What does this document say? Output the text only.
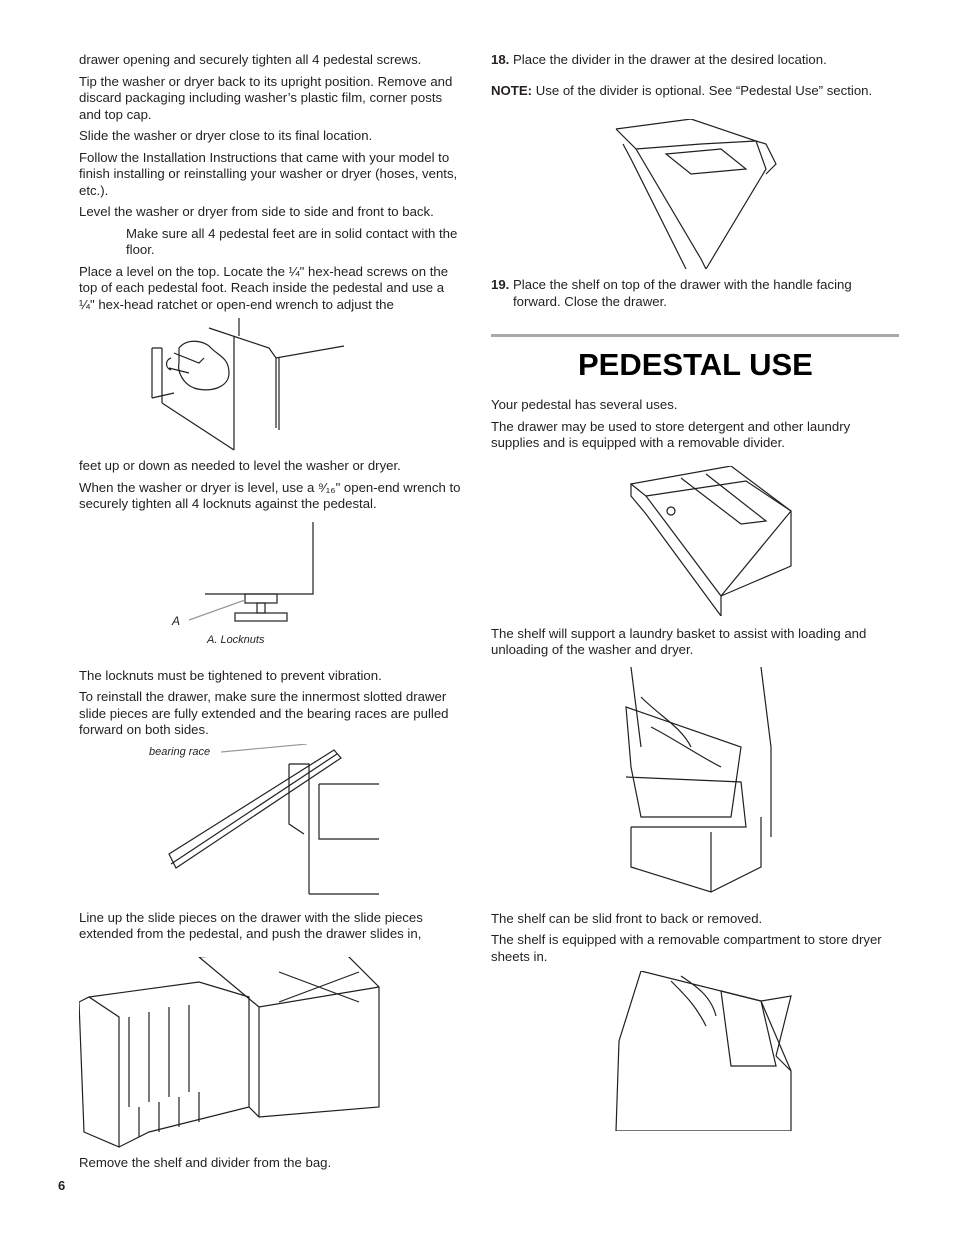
drawer opening and securely tighten all 4 pedestal screws.

Tip the washer or dryer back to its upright position. Remove and discard packaging including washer’s plastic film, corner posts and top cap.

Slide the washer or dryer close to its final location.

Follow the Installation Instructions that came with your model to finish installing or reinstalling your washer or dryer (hoses, vents, etc.).

Level the washer or dryer from side to side and front to back.

Make sure all 4 pedestal feet are in solid contact with the floor.

Place a level on the top. Locate the ¼" hex-head screws on the top of each pedestal foot. Reach inside the pedestal and use a ¼" hex-head ratchet or open-end wrench to adjust the

feet up or down as needed to level the washer or dryer.

When the washer or dryer is level, use a ⁹⁄₁₆" open-end wrench to securely tighten all 4 locknuts against the pedestal.

A
A. Locknuts

The locknuts must be tightened to prevent vibration.

To reinstall the drawer, make sure the innermost slotted drawer slide pieces are fully extended and the bearing races are pulled forward on both sides.

bearing race

Line up the slide pieces on the drawer with the slide pieces extended from the pedestal, and push the drawer slides in,

Remove the shelf and divider from the bag.

18. Place the divider in the drawer at the desired location.

NOTE: Use of the divider is optional. See “Pedestal Use” section.

19. Place the shelf on top of the drawer with the handle facing forward. Close the drawer.

PEDESTAL USE

Your pedestal has several uses.

The drawer may be used to store detergent and other laundry supplies and is equipped with a removable divider.

The shelf will support a laundry basket to assist with loading and unloading of the washer and dryer.

The shelf can be slid front to back or removed.

The shelf is equipped with a removable compartment to store dryer sheets in.

6
